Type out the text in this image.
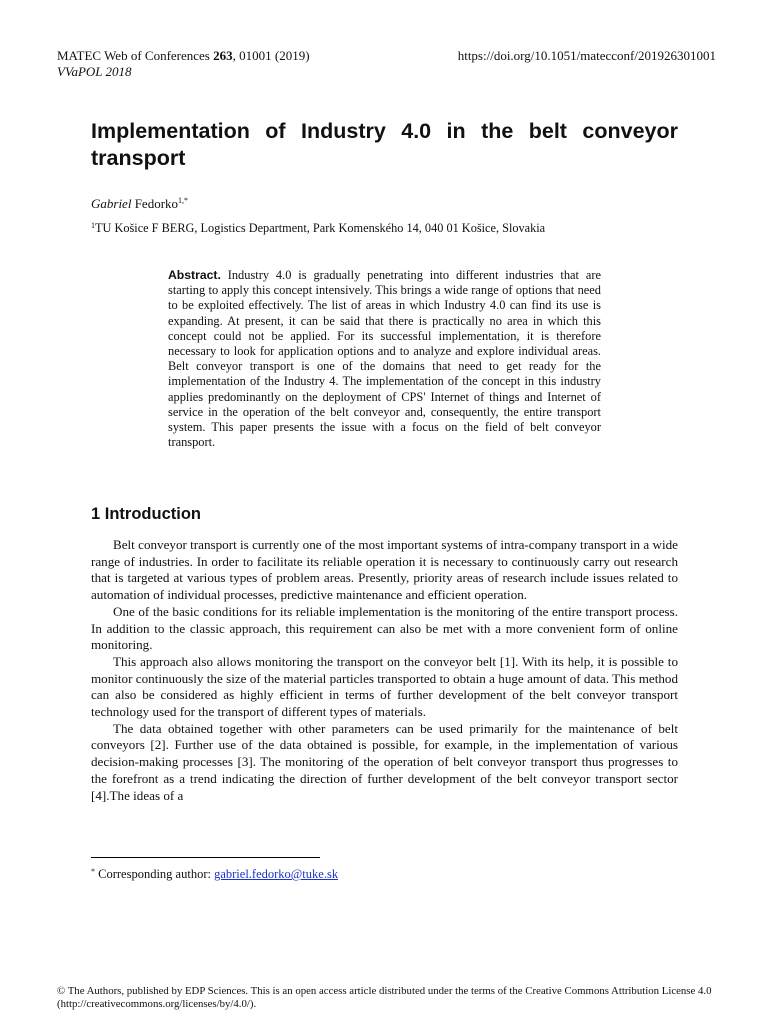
MATEC Web of Conferences 263, 01001 (2019)
VVaPOL 2018
https://doi.org/10.1051/matecconf/201926301001
Implementation of Industry 4.0 in the belt conveyor transport
Gabriel Fedorko$^{1,*}$
$^1$TU Košice F BERG, Logistics Department, Park Komenského 14, 040 01 Košice, Slovakia
Abstract. Industry 4.0 is gradually penetrating into different industries that are starting to apply this concept intensively. This brings a wide range of options that need to be exploited effectively. The list of areas in which Industry 4.0 can find its use is expanding. At present, it can be said that there is practically no area in which this concept could not be applied. For its successful implementation, it is therefore necessary to look for application options and to analyze and explore individual areas. Belt conveyor transport is one of the domains that need to get ready for the implementation of the Industry 4. The implementation of the concept in this industry applies predominantly on the deployment of CPS' Internet of things and Internet of service in the operation of the belt conveyor and, consequently, the entire transport system. This paper presents the issue with a focus on the field of belt conveyor transport.
1 Introduction

Belt conveyor transport is currently one of the most important systems of intra-company transport in a wide range of industries. In order to facilitate its reliable operation it is necessary to continuously carry out research that is targeted at various types of problem areas. Presently, priority areas of research include issues related to automation of individual processes, predictive maintenance and efficient operation.

One of the basic conditions for its reliable implementation is the monitoring of the entire transport process. In addition to the classic approach, this requirement can also be met with a more convenient form of online monitoring.

This approach also allows monitoring the transport on the conveyor belt [1]. With its help, it is possible to monitor continuously the size of the material particles transported to obtain a huge amount of data. This method can also be considered as highly efficient in terms of further development of the belt conveyor transport technology used for the transport of different types of materials.

The data obtained together with other parameters can be used primarily for the maintenance of belt conveyors [2]. Further use of the data obtained is possible, for example, in the implementation of various decision-making processes [3]. The monitoring of the operation of belt conveyor transport thus progresses to the forefront as a trend indicating the direction of further development of the belt conveyor transport sector [4].The ideas of a

* Corresponding author: gabriel.fedorko@tuke.sk
© The Authors, published by EDP Sciences. This is an open access article distributed under the terms of the Creative Commons Attribution License 4.0 (http://creativecommons.org/licenses/by/4.0/).
